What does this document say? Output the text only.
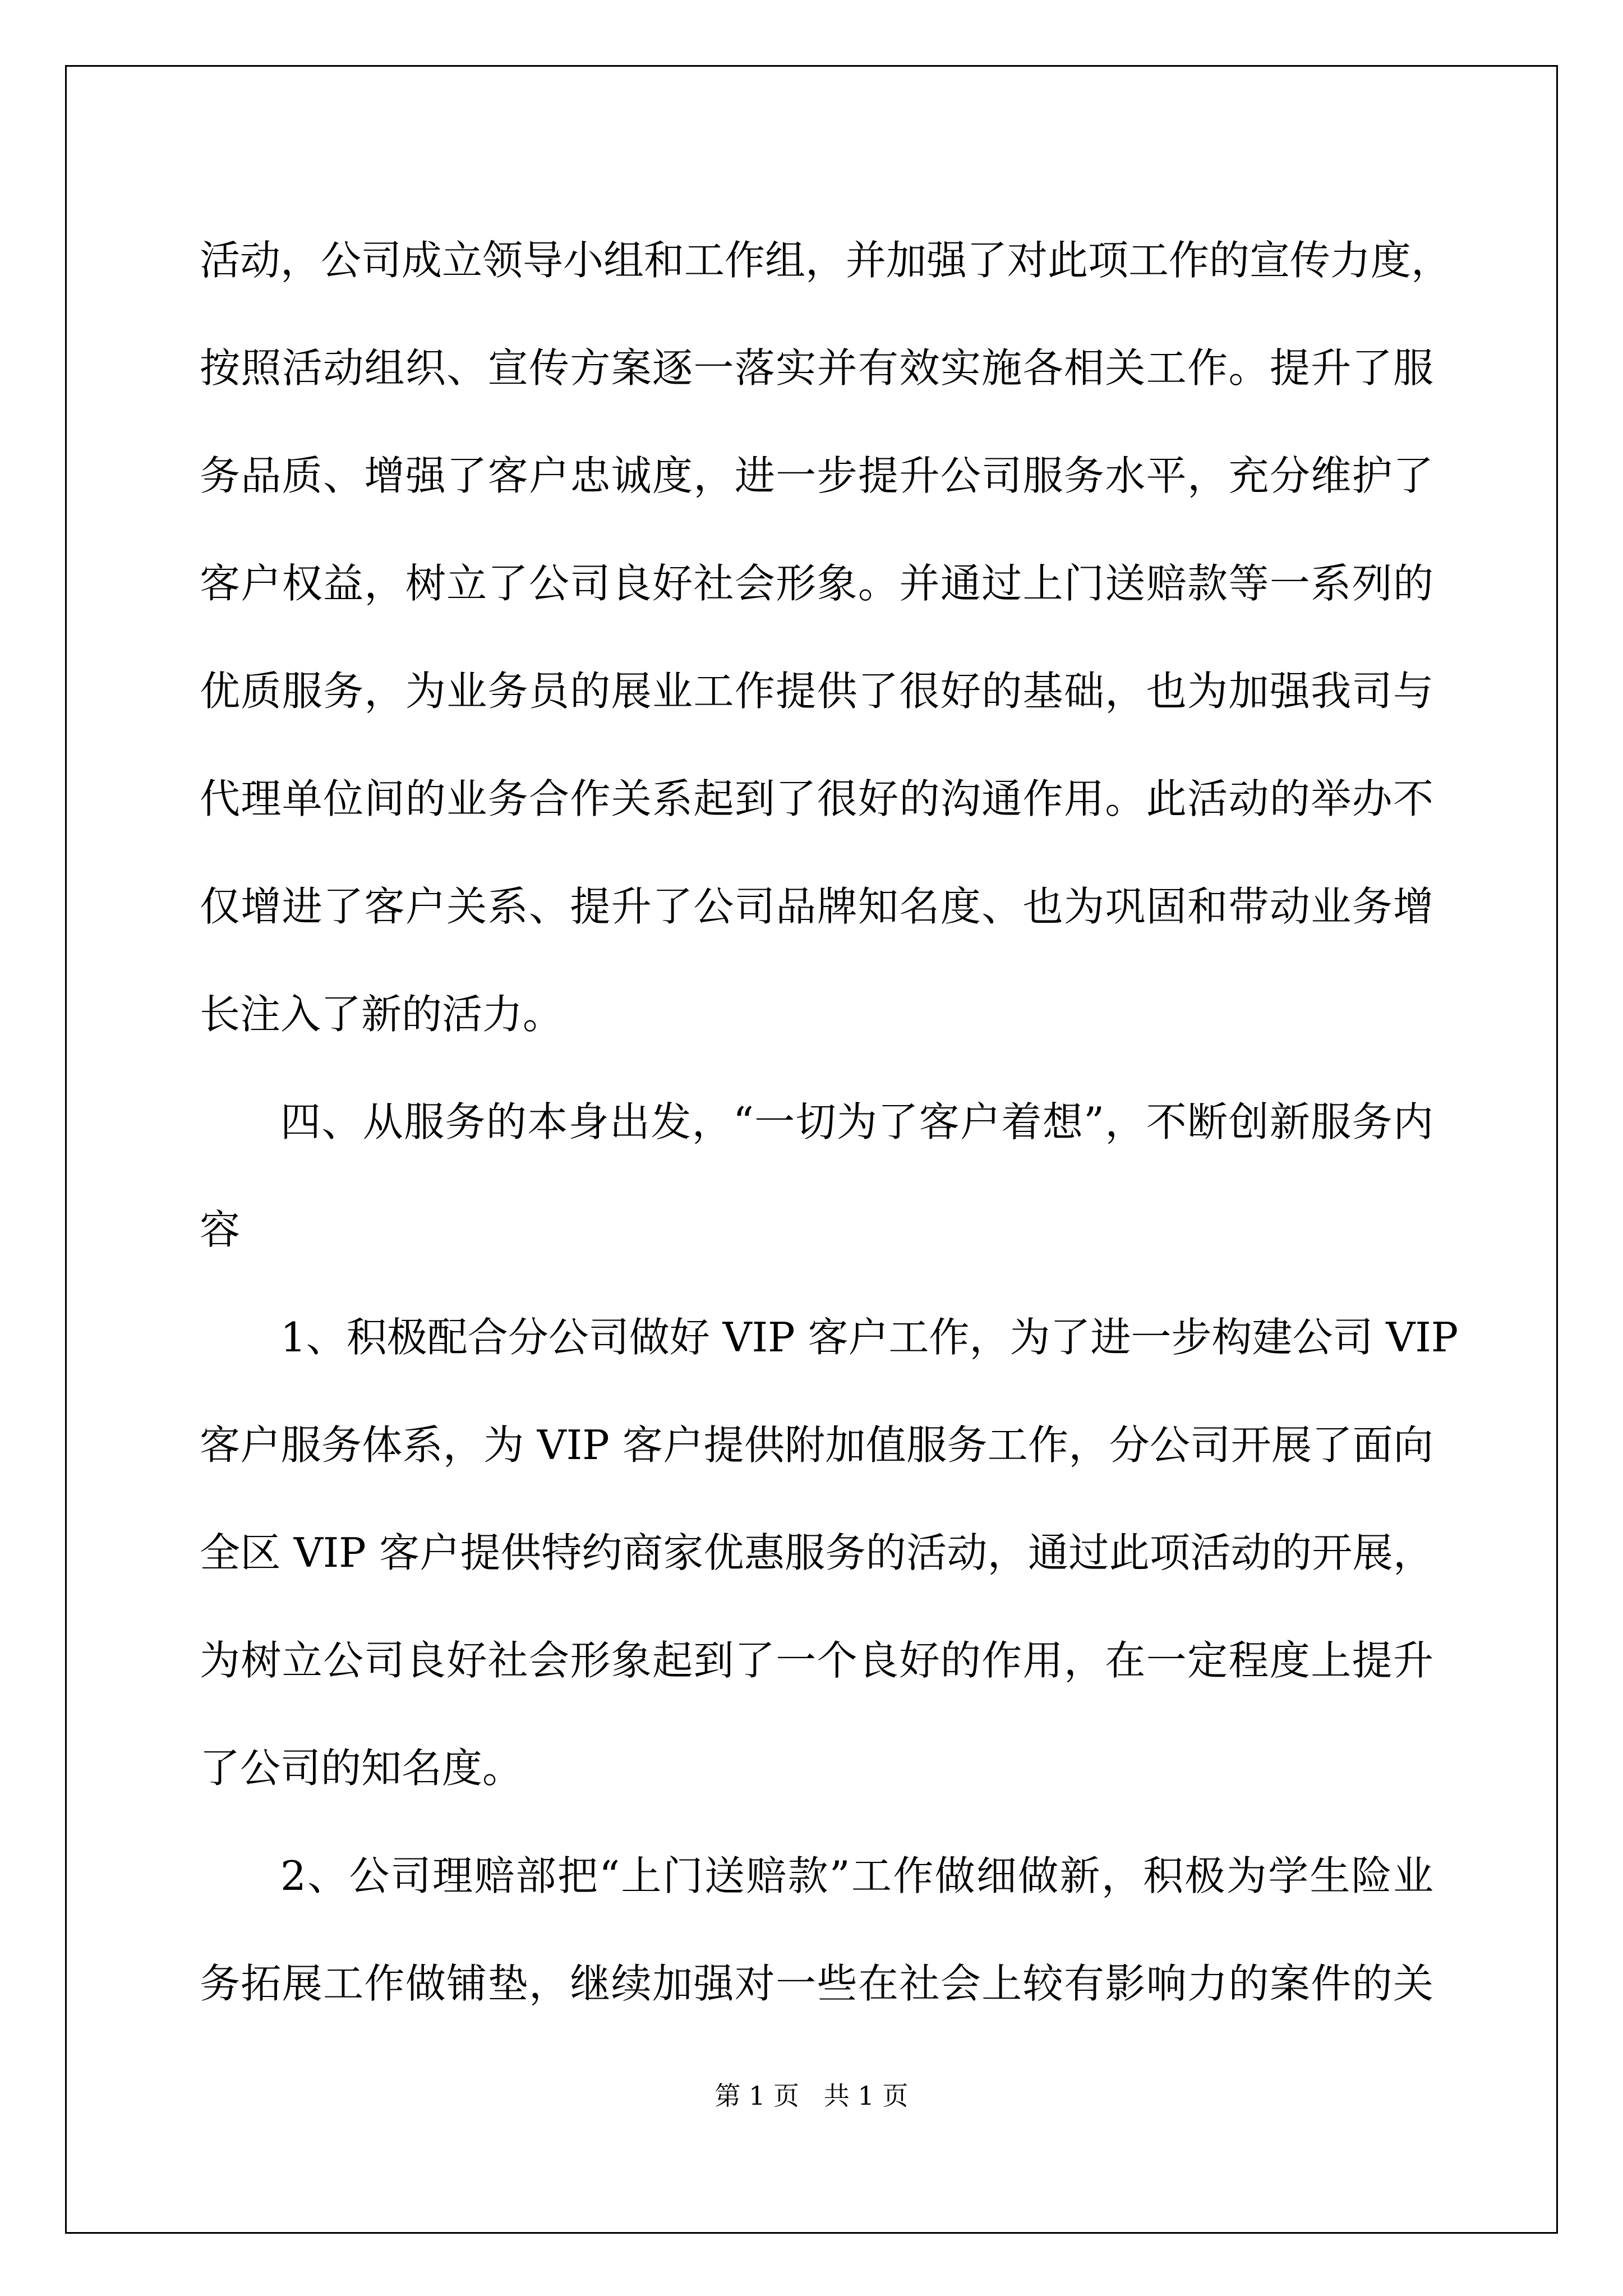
活动，公司成立领导小组和工作组，并加强了对此项工作的宣传力度，
按照活动组织、宣传方案逐一落实并有效实施各相关工作。提升了服
务品质、增强了客户忠诚度，进一步提升公司服务水平，充分维护了
客户权益，树立了公司良好社会形象。并通过上门送赔款等一系列的
优质服务，为业务员的展业工作提供了很好的基础，也为加强我司与
代理单位间的业务合作关系起到了很好的沟通作用。此活动的举办不
仅增进了客户关系、提升了公司品牌知名度、也为巩固和带动业务增
长注入了新的活力。
四、从服务的本身出发，“一切为了客户着想”，不断创新服务内
容
1、积极配合分公司做好 VIP 客户工作，为了进一步构建公司 VIP
客户服务体系，为 VIP 客户提供附加值服务工作，分公司开展了面向
全区 VIP 客户提供特约商家优惠服务的活动，通过此项活动的开展，
为树立公司良好社会形象起到了一个良好的作用，在一定程度上提升
了公司的知名度。
2、公司理赔部把“上门送赔款”工作做细做新，积极为学生险业
务拓展工作做铺垫，继续加强对一些在社会上较有影响力的案件的关
第 1 页   共 1 页
